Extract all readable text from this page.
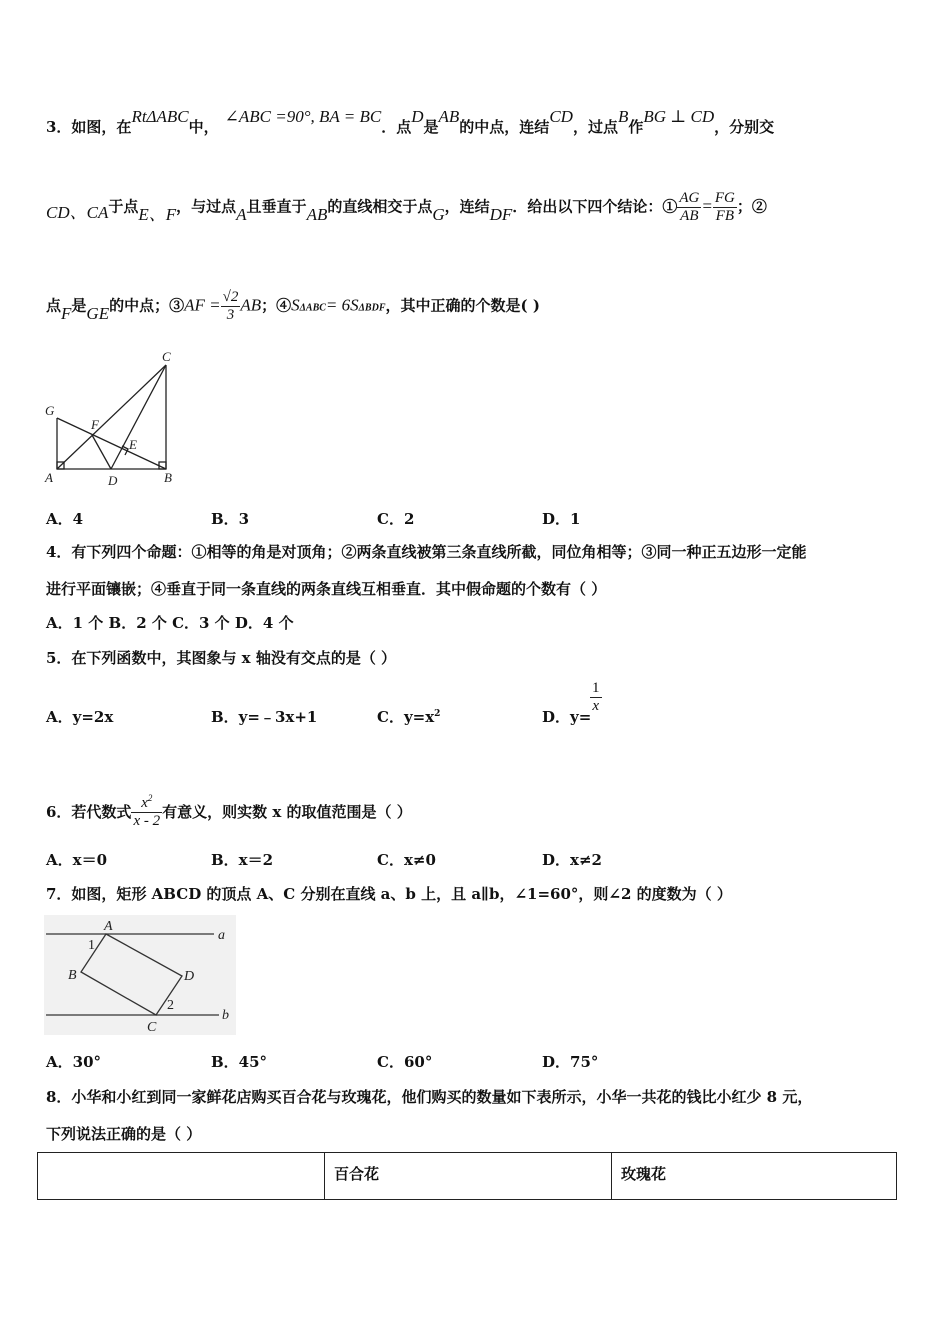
3．如图，在RtΔABC中，∠ABC =90°, BA = BC．点D是AB的中点，连结CD，过点B作BG ⊥ CD，分别交
CD、CA于点E、F，与过点A且垂直于AB的直线相交于点G，连结DF．给出以下四个结论：① $\frac{AG}{AB} = \frac{FG}{FB}$ ；②
点F是GE的中点；③AF = $\frac{√2}{3}$ AB；④SΔABC= 6SΔBDF，其中正确的个数是( )
C
G
F
E
A	D	B
A．4	B．3	C．2	D．1
4．有下列四个命题：①相等的角是对顶角；②两条直线被第三条直线所截，同位角相等；③同一种正五边形一定能
进行平面镶嵌；④垂直于同一条直线的两条直线互相垂直．其中假命题的个数有（ ）
A．1 个 B．2 个 C．3 个 D．4 个
5．在下列函数中，其图象与 x 轴没有交点的是（ ）
A．y=2x	B．y=﹣3x+1	C．$y=x^2$	D．y=
$\frac{1}{x}$
6．若代数式 $\frac{x^2}{x - 2}$ 有意义，则实数 x 的取值范围是（ ）
A．x＝0	B．x＝2	C．x≠0	D．x≠2
7．如图，矩形 ABCD 的顶点 A、C 分别在直线 a、b 上，且 a∥b，∠1=60°，则∠2 的度数为（ ）
A
1
a
B	D
2
C
b
A．30°	B．45°	C．60°	D．75°
8．小华和小红到同一家鲜花店购买百合花与玫瑰花，他们购买的数量如下表所示，小华一共花的钱比小红少 8 元，
下列说法正确的是（ ）
	百合花	玫瑰花
